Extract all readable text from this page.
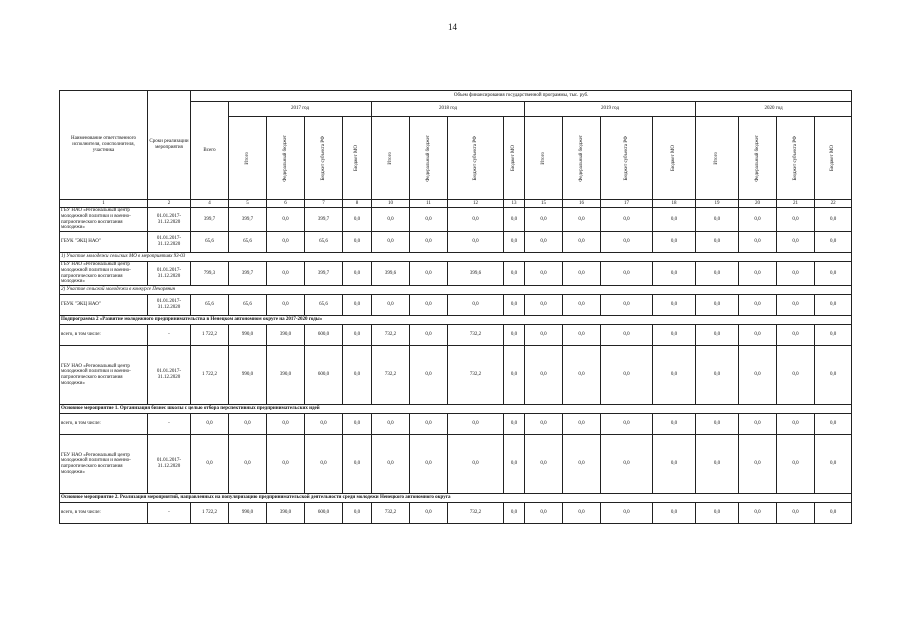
14
Наименование ответственного исполнителя, соисполнителя, участника	Сроки реализации мероприятия	Объем финансирования государственной программы, тыс. руб.																
		Всего	2017 год				2018 год				2019 год				2020 год			

			Итого	Федеральный бюджет	Бюджет субъекта РФ	Бюджет МО	Итого	Федеральный бюджет	Бюджет субъекта РФ	Бюджет МО	Итого	Федеральный бюджет	Бюджет субъекта РФ	Бюджет МО	Итого	Федеральный бюджет	Бюджет субъекта РФ	Бюджет МО

1	2	4	5	6	7	8	10	11	12	13	15	16	17	18	19	20	21	22
ГБУ НАО «Региональный центр молодежной политики и военно-патриотического воспитания молодежи»	01.01.2017-31.12.2020	399,7	399,7	0,0	399,7	0,0	0,0	0,0	0,0	0,0	0,0	0,0	0,0	0,0	0,0	0,0	0,0	0,0
ГБУК "ЭКЦ НАО"	01.01.2017-31.12.2020	65,6	65,6	0,0	65,6	0,0	0,0	0,0	0,0	0,0	0,0	0,0	0,0	0,0	0,0	0,0	0,0	0,0
1) Участие молодежи сельских МО в мероприятиях 93-03																		
ГБУ НАО «Региональный центр молодежной политики и военно-патриотического воспитания молодежи»	01.01.2017-31.12.2020	799,3	399,7	0,0	399,7	0,0	399,6	0,0	399,6	0,0	0,0	0,0	0,0	0,0	0,0	0,0	0,0	0,0
2) Участие сельской молодежи в конкурсе Печорянин																		
ГБУК "ЭКЦ НАО"	01.01.2017-31.12.2020	65,6	65,6	0,0	65,6	0,0	0,0	0,0	0,0	0,0	0,0	0,0	0,0	0,0	0,0	0,0	0,0	0,0
Подпрограмма 2 «Развитие молодежного предпринимательства в Ненецком автономном округе на 2017-2020 годы»																		
всего, в том числе:	-	1 722,2	990,0	390,0	600,0	0,0	732,2	0,0	732,2	0,0	0,0	0,0	0,0	0,0	0,0	0,0	0,0	0,0
ГБУ НАО «Региональный центр молодежной политики и военно-патриотического воспитания молодежи»	01.01.2017-31.12.2020	1 722,2	990,0	390,0	600,0	0,0	732,2	0,0	732,2	0,0	0,0	0,0	0,0	0,0	0,0	0,0	0,0	0,0
Основное мероприятие 1. Организация бизнес школы с целью отбора перспективных предпринимательских идей																		
всего, в том числе:	-	0,0	0,0	0,0	0,0	0,0	0,0	0,0	0,0	0,0	0,0	0,0	0,0	0,0	0,0	0,0	0,0	0,0
ГБУ НАО «Региональный центр молодежной политики и военно-патриотического воспитания молодежи»	01.01.2017-31.12.2020	0,0	0,0	0,0	0,0	0,0	0,0	0,0	0,0	0,0	0,0	0,0	0,0	0,0	0,0	0,0	0,0	0,0
Основное мероприятие 2. Реализация мероприятий, направленных на популяризацию предпринимательской деятельности среди молодежи Ненецкого автономного округа																		
всего, в том числе:	-	1 722,2	990,0	390,0	600,0	0,0	732,2	0,0	732,2	0,0	0,0	0,0	0,0	0,0	0,0	0,0	0,0	0,0
